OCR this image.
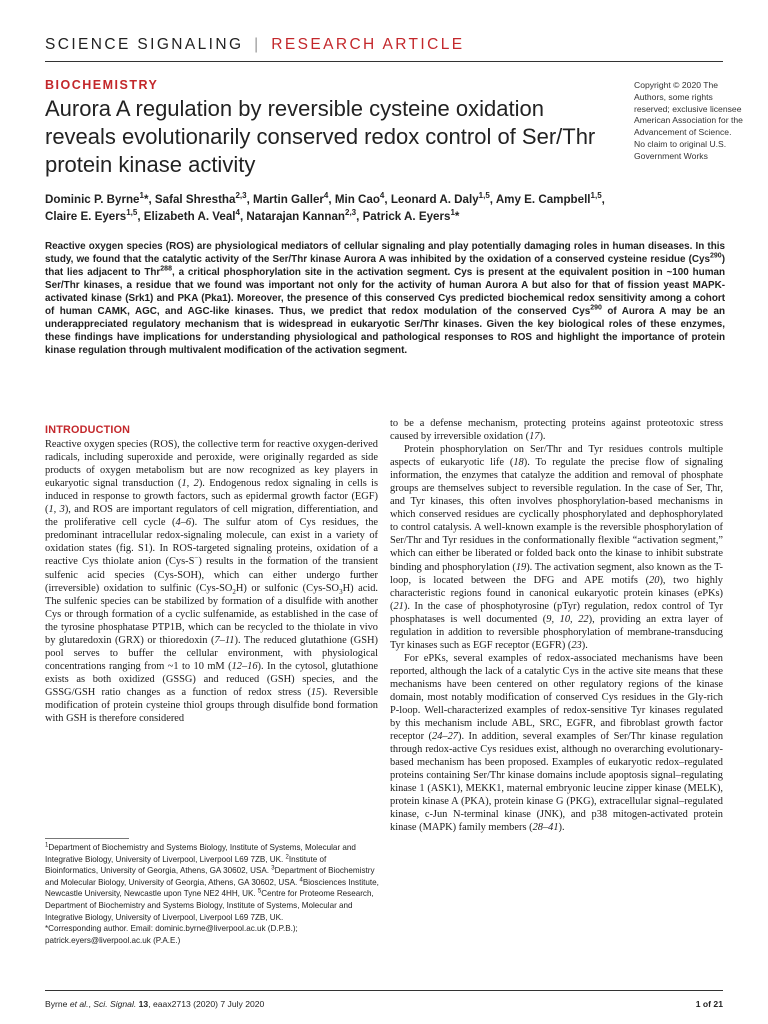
SCIENCE SIGNALING | RESEARCH ARTICLE
BIOCHEMISTRY
Aurora A regulation by reversible cysteine oxidation reveals evolutionarily conserved redox control of Ser/Thr protein kinase activity
Copyright © 2020 The Authors, some rights reserved; exclusive licensee American Association for the Advancement of Science. No claim to original U.S. Government Works
Dominic P. Byrne$^1$*, Safal Shrestha$^{2,3}$, Martin Galler$^4$, Min Cao$^4$, Leonard A. Daly$^{1,5}$, Amy E. Campbell$^{1,5}$, Claire E. Eyers$^{1,5}$, Elizabeth A. Veal$^4$, Natarajan Kannan$^{2,3}$, Patrick A. Eyers$^1$*

Reactive oxygen species (ROS) are physiological mediators of cellular signaling and play potentially damaging roles in human diseases. In this study, we found that the catalytic activity of the Ser/Thr kinase Aurora A was inhibited by the oxidation of a conserved cysteine residue (Cys$^{290}$) that lies adjacent to Thr$^{288}$, a critical phosphorylation site in the activation segment. Cys is present at the equivalent position in ~100 human Ser/Thr kinases, a residue that we found was important not only for the activity of human Aurora A but also for that of fission yeast MAPK-activated kinase (Srk1) and PKA (Pka1). Moreover, the presence of this conserved Cys predicted biochemical redox sensitivity among a cohort of human CAMK, AGC, and AGC-like kinases. Thus, we predict that redox modulation of the conserved Cys$^{290}$ of Aurora A may be an underappreciated regulatory mechanism that is widespread in eukaryotic Ser/Thr kinases. Given the key biological roles of these enzymes, these findings have implications for understanding physiological and pathological responses to ROS and highlight the importance of protein kinase regulation through multivalent modification of the activation segment.

INTRODUCTION

Reactive oxygen species (ROS), the collective term for reactive oxygen-derived radicals, including superoxide and peroxide, were originally regarded as side products of oxygen metabolism but are now recognized as key players in eukaryotic signal transduction (1, 2). Endogenous redox signaling in cells is induced in response to growth factors, such as epidermal growth factor (EGF) (1, 3), and ROS are important regulators of cell migration, differentiation, and the proliferative cell cycle (4–6). The sulfur atom of Cys residues, the predominant intracellular redox-signaling molecule, can exist in a variety of oxidation states (fig. S1). In ROS-targeted signaling proteins, oxidation of a reactive Cys thiolate anion (Cys-S−) results in the formation of the transient sulfenic acid species (Cys-SOH), which can either undergo further (irreversible) oxidation to sulfinic $(Cys-SO_2H)$ or sulfonic $(Cys-SO_3H)$ acid. The sulfenic species can be stabilized by formation of a disulfide with another Cys or through formation of a cyclic sulfenamide, as established in the case of the tyrosine phosphatase PTP1B, which can be recycled to the thiolate in vivo by glutaredoxin (GRX) or thioredoxin (7–11). The reduced glutathione (GSH) pool serves to buffer the cellular environment, with physiological concentrations ranging from ~1 to 10 mM (12–16). In the cytosol, glutathione exists as both oxidized (GSSG) and reduced (GSH) species, and the GSSG/GSH ratio changes as a function of redox stress (15). Reversible modification of protein cysteine thiol groups through disulfide bond formation with GSH is therefore considered

$^1$Department of Biochemistry and Systems Biology, Institute of Systems, Molecular and Integrative Biology, University of Liverpool, Liverpool L69 7ZB, UK. $^2$Institute of Bioinformatics, University of Georgia, Athens, GA 30602, USA. $^3$Department of Biochemistry and Molecular Biology, University of Georgia, Athens, GA 30602, USA. $^4$Biosciences Institute, Newcastle University, Newcastle upon Tyne NE2 4HH, UK. $^5$Centre for Proteome Research, Department of Biochemistry and Systems Biology, Institute of Systems, Molecular and Integrative Biology, University of Liverpool, Liverpool L69 7ZB, UK.
*Corresponding author. Email: dominic.byrne@liverpool.ac.uk (D.P.B.); patrick.eyers@liverpool.ac.uk (P.A.E.)

to be a defense mechanism, protecting proteins against proteotoxic stress caused by irreversible oxidation (17).

Protein phosphorylation on Ser/Thr and Tyr residues controls multiple aspects of eukaryotic life (18). To regulate the precise flow of signaling information, the enzymes that catalyze the addition and removal of phosphate groups are themselves subject to reversible regulation. In the case of Ser, Thr, and Tyr kinases, this often involves phosphorylation-based mechanisms in which conserved residues are cyclically phosphorylated and dephosphorylated to control catalysis. A well-known example is the reversible phosphorylation of Ser/Thr and Tyr residues in the conformationally flexible “activation segment,” which can either be liberated or folded back onto the kinase to inhibit substrate binding and phosphorylation (19). The activation segment, also known as the T-loop, is located between the DFG and APE motifs (20), two highly characteristic regions found in canonical eukaryotic protein kinases (ePKs) (21). In the case of phosphotyrosine (pTyr) regulation, redox control of Tyr phosphatases is well documented (9, 10, 22), providing an extra layer of regulation in addition to reversible phosphorylation of membrane-transducing Tyr kinases such as EGF receptor (EGFR) (23).

For ePKs, several examples of redox-associated mechanisms have been reported, although the lack of a catalytic Cys in the active site means that these mechanisms have been centered on other regulatory regions of the kinase domain, most notably modification of conserved Cys residues in the Gly-rich P-loop. Well-characterized examples of redox-sensitive Tyr kinases regulated by this mechanism include ABL, SRC, EGFR, and fibroblast growth factor receptor (24–27). In addition, several examples of Ser/Thr kinase regulation through redox-active Cys residues exist, although no overarching evolutionary-based mechanism has been proposed. Examples of eukaryotic redox–regulated proteins containing Ser/Thr kinase domains include apoptosis signal–regulating kinase 1 (ASK1), MEKK1, maternal embryonic leucine zipper kinase (MELK), protein kinase A (PKA), protein kinase G (PKG), extracellular signal–regulated kinase, c-Jun N-terminal kinase (JNK), and p38 mitogen-activated protein kinase (MAPK) family members (28–41).

Byrne et al., Sci. Signal. 13, eaax2713 (2020) 7 July 2020	1 of 21
